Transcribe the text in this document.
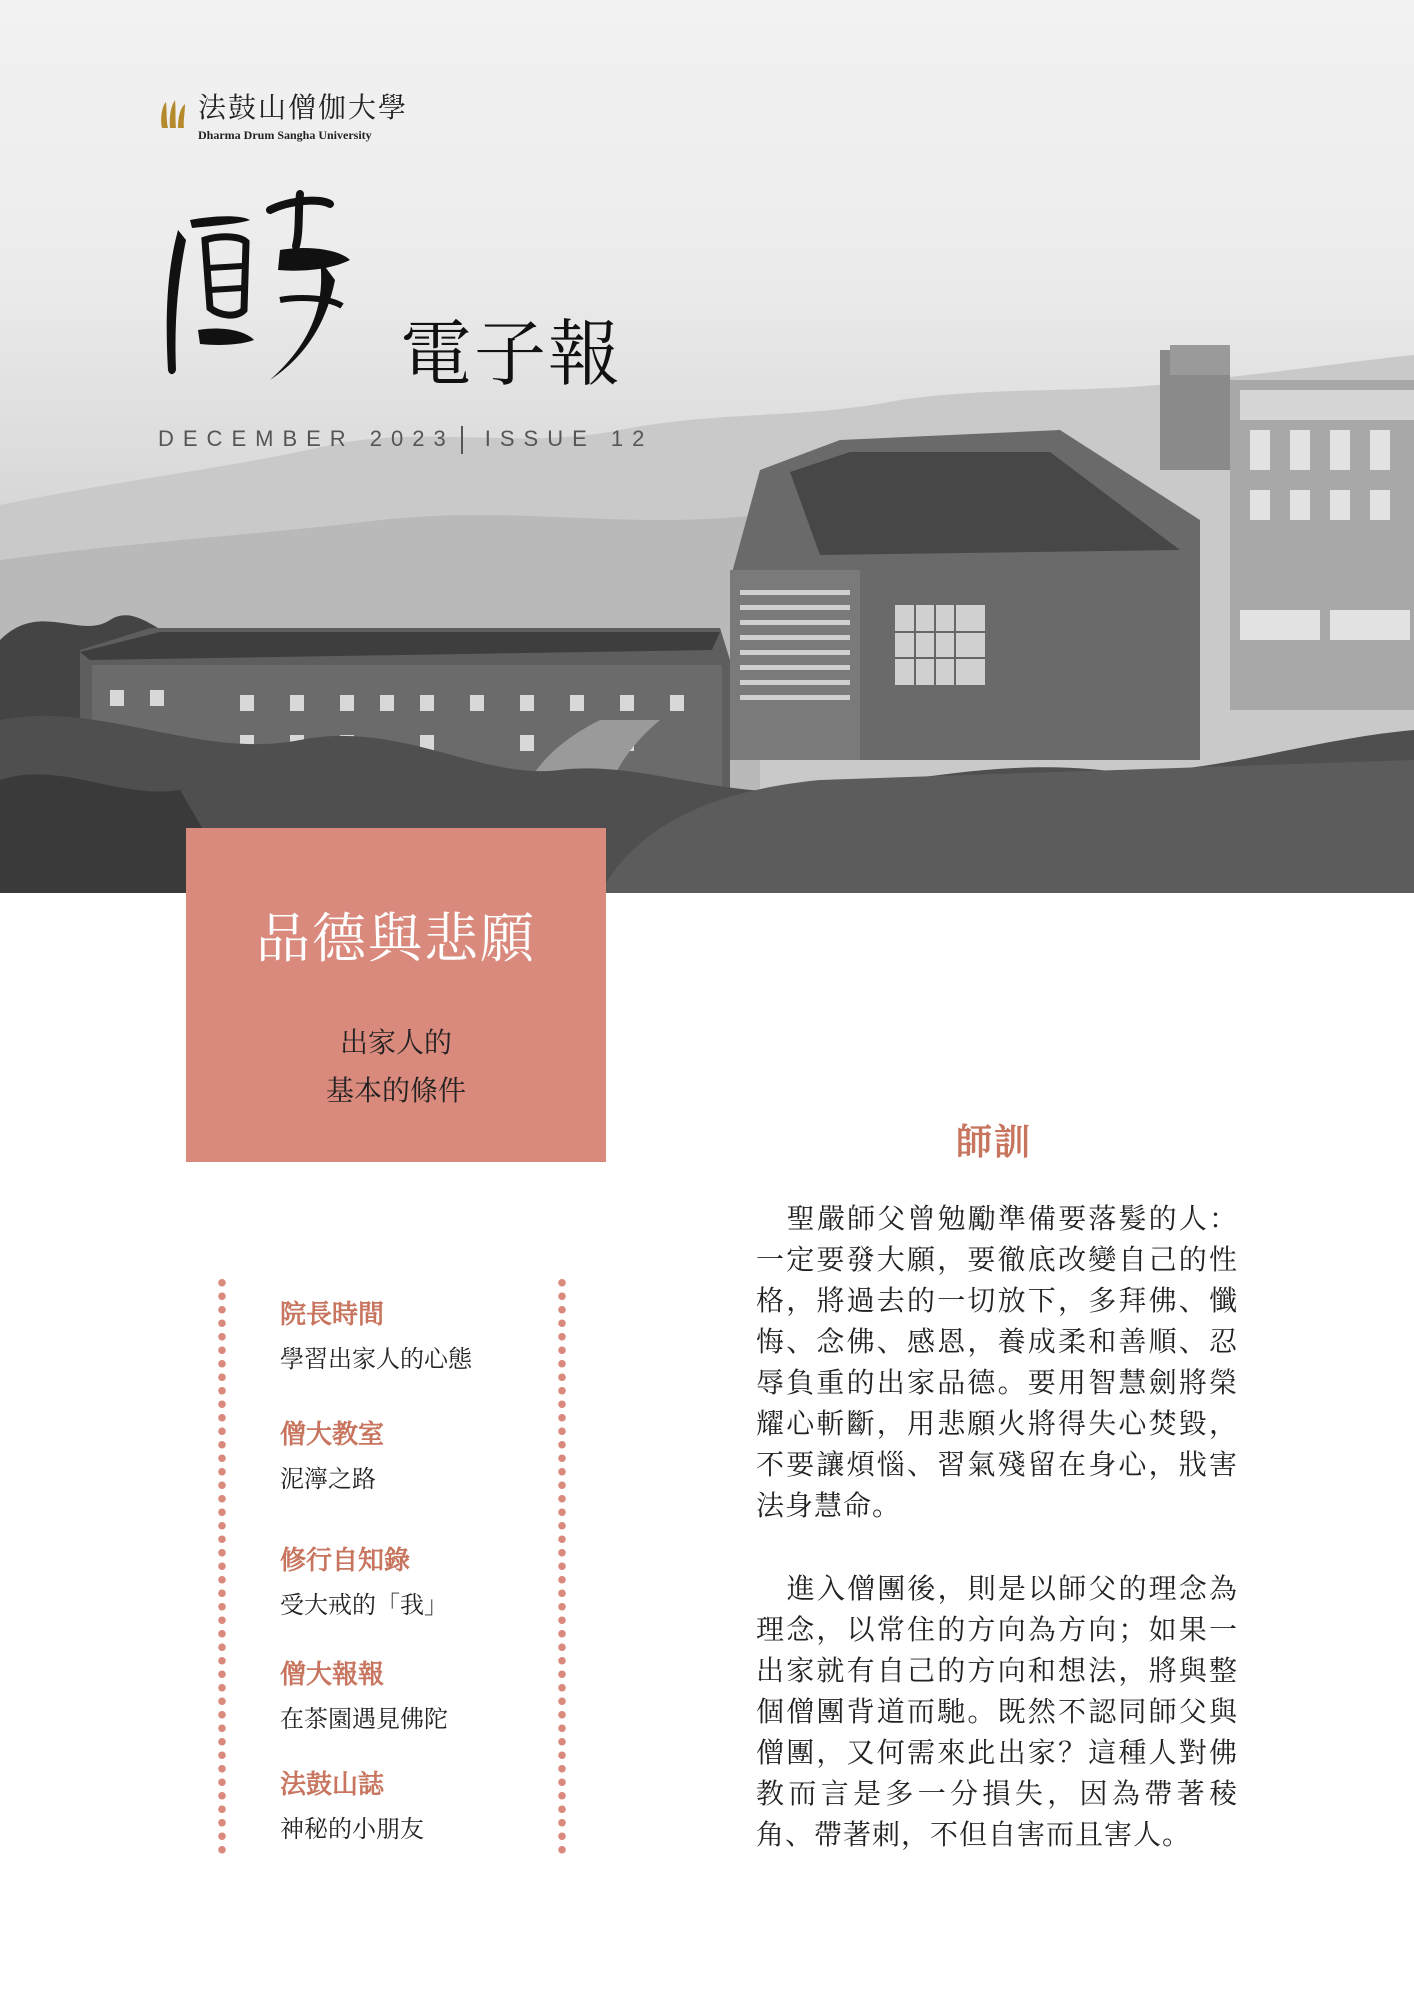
法鼓山僧伽大學
Dharma Drum Sangha University
電子報
DECEMBER 2023 ISSUE 12
品德與悲願
出家人的
基本的條件
院長時間
學習出家人的心態
僧大教室
泥濘之路
修行自知錄
受大戒的「我」
僧大報報
在茶園遇見佛陀
法鼓山誌
神秘的小朋友
師訓

聖嚴師父曾勉勵準備要落髮的人：一定要發大願，要徹底改變自己的性格，將過去的一切放下，多拜佛、懺悔、念佛、感恩，養成柔和善順、忍辱負重的出家品德。要用智慧劍將榮耀心斬斷，用悲願火將得失心焚毀，不要讓煩惱、習氣殘留在身心，戕害法身慧命。

進入僧團後，則是以師父的理念為理念，以常住的方向為方向；如果一出家就有自己的方向和想法，將與整個僧團背道而馳。既然不認同師父與僧團，又何需來此出家？這種人對佛教而言是多一分損失，因為帶著稜角、帶著刺，不但自害而且害人。
